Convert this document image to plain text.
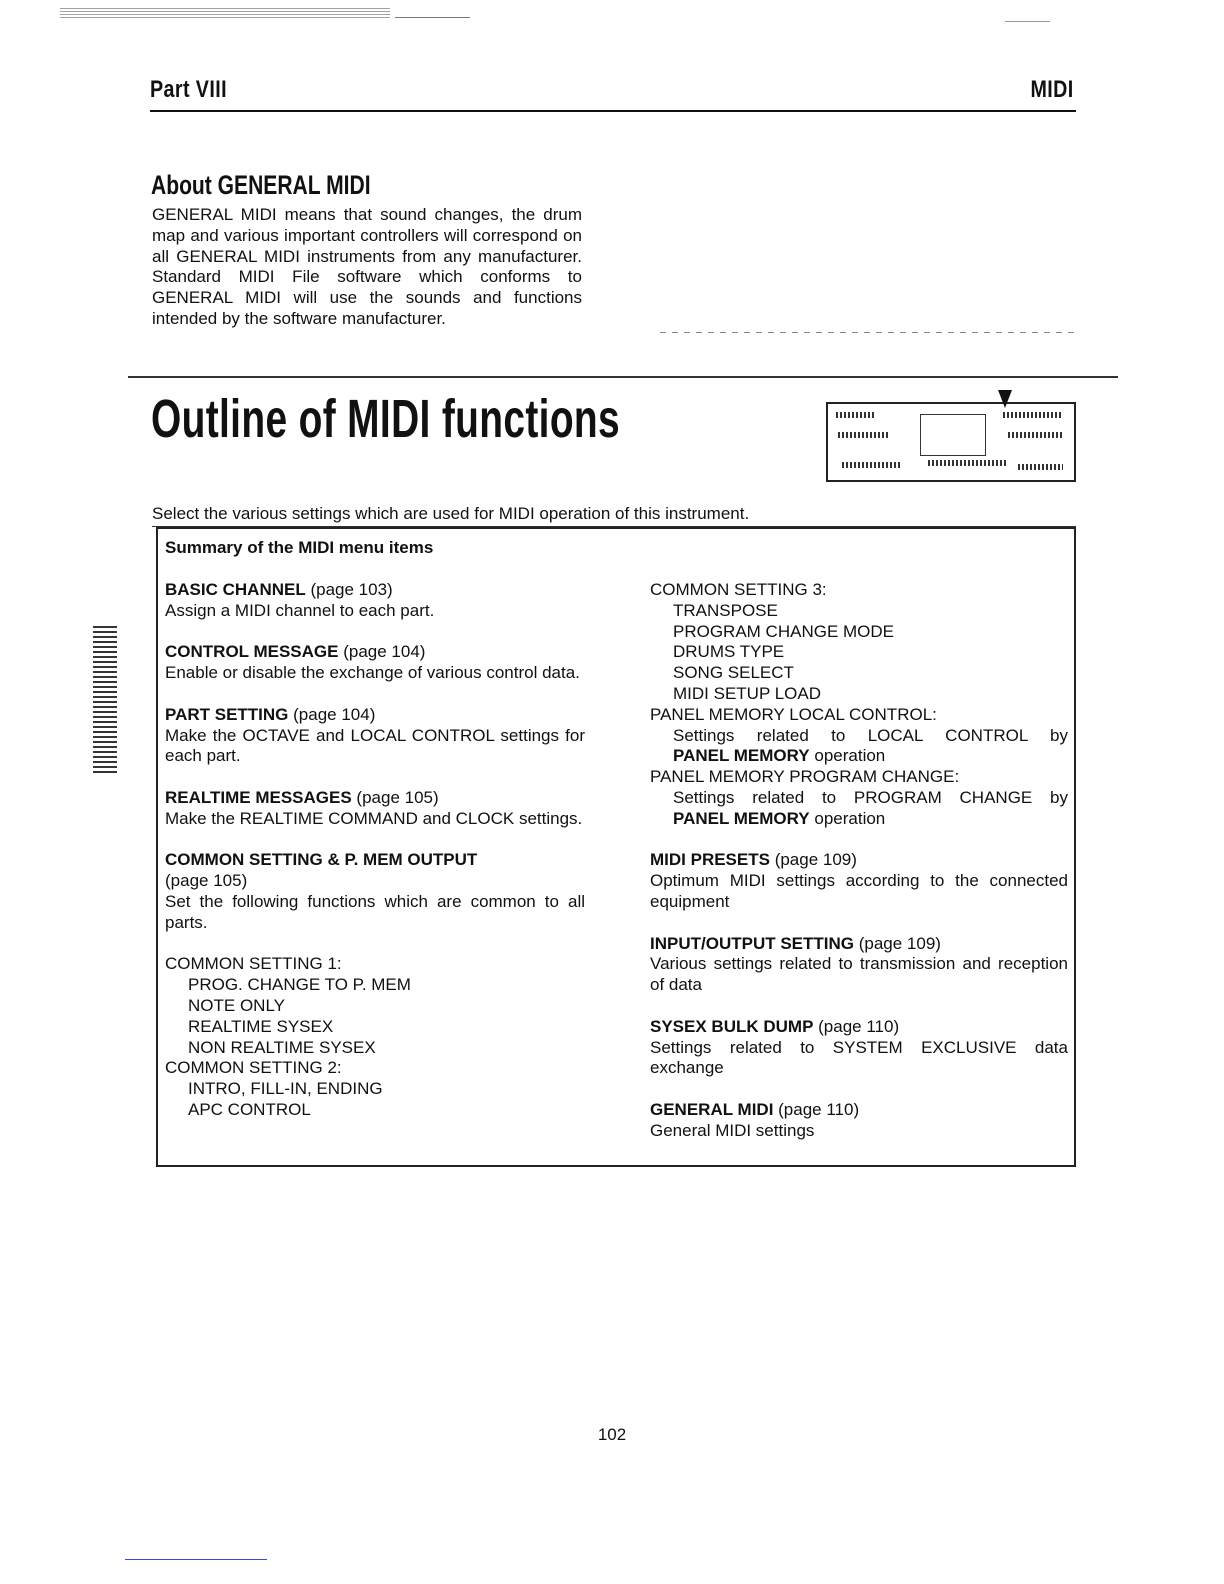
Part VIII	MIDI
About GENERAL MIDI
GENERAL MIDI means that sound changes, the drum map and various important controllers will correspond on all GENERAL MIDI instruments from any manufacturer. Standard MIDI File software which conforms to GENERAL MIDI will use the sounds and functions intended by the software manufacturer.
Outline of MIDI functions
Select the various settings which are used for MIDI operation of this instrument.
Summary of the MIDI menu items

BASIC CHANNEL (page 103)

Assign a MIDI channel to each part.

CONTROL MESSAGE (page 104)

Enable or disable the exchange of various control data.

PART SETTING (page 104)

Make the OCTAVE and LOCAL CONTROL settings for each part.

REALTIME MESSAGES (page 105)

Make the REALTIME COMMAND and CLOCK settings.

COMMON SETTING & P. MEM OUTPUT

(page 105)

Set the following functions which are common to all parts.

COMMON SETTING 1:

PROG. CHANGE TO P. MEM

NOTE ONLY

REALTIME SYSEX

NON REALTIME SYSEX

COMMON SETTING 2:

INTRO, FILL-IN, ENDING

APC CONTROL

COMMON SETTING 3:

TRANSPOSE

PROGRAM CHANGE MODE

DRUMS TYPE

SONG SELECT

MIDI SETUP LOAD

PANEL MEMORY LOCAL CONTROL:

Settings related to LOCAL CONTROL by

PANEL MEMORY operation

PANEL MEMORY PROGRAM CHANGE:

Settings related to PROGRAM CHANGE by

PANEL MEMORY operation

MIDI PRESETS (page 109)

Optimum MIDI settings according to the connected equipment

INPUT/OUTPUT SETTING (page 109)

Various settings related to transmission and reception of data

SYSEX BULK DUMP (page 110)

Settings related to SYSTEM EXCLUSIVE data exchange

GENERAL MIDI (page 110)

General MIDI settings

102
